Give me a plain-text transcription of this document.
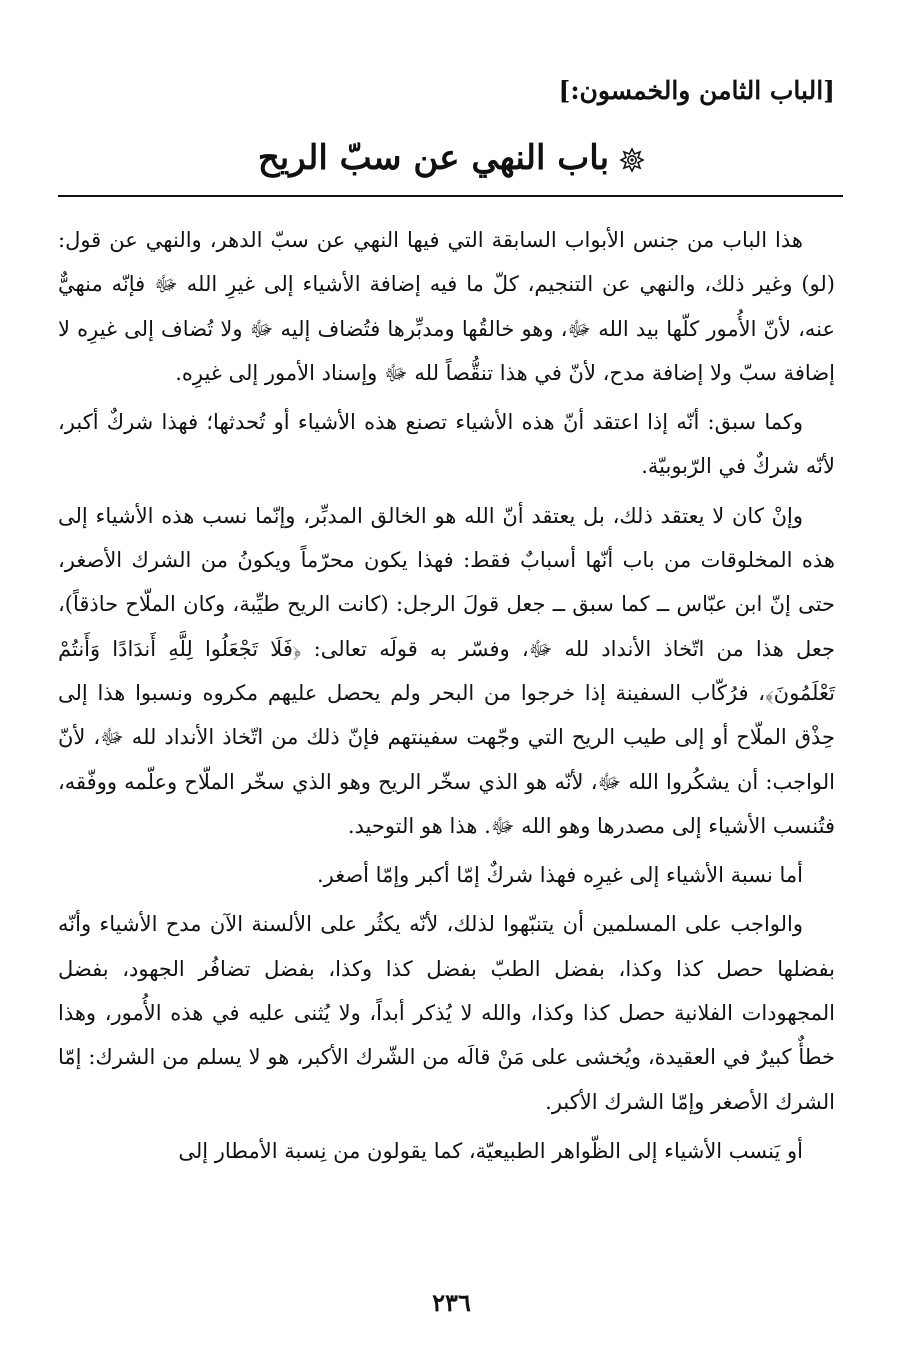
[الباب الثامن والخمسون:]
باب النهي عن سبّ الريح

هذا الباب من جنس الأبواب السابقة التي فيها النهي عن سبّ الدهر، والنهي عن قول: (لو) وغير ذلك، والنهي عن التنجيم، كلّ ما فيه إضافة الأشياء إلى غيرِ الله ﷻ فإنّه منهيٌّ عنه، لأنّ الأُمور كلّها بيد الله ﷻ، وهو خالقُها ومدبِّرها فتُضاف إليه ﷻ ولا تُضاف إلى غيرِه لا إضافة سبّ ولا إضافة مدح، لأنّ في هذا تنقُّصاً لله ﷻ وإسناد الأمور إلى غيرِه.

وكما سبق: أنّه إذا اعتقد أنّ هذه الأشياء تصنع هذه الأشياء أو تُحدثها؛ فهذا شركٌ أكبر، لأنّه شركٌ في الرّبوبيّة.

وإنْ كان لا يعتقد ذلك، بل يعتقد أنّ الله هو الخالق المدبِّر، وإنّما نسب هذه الأشياء إلى هذه المخلوقات من باب أنّها أسبابٌ فقط: فهذا يكون محرّماً ويكونُ من الشرك الأصغر، حتى إنّ ابن عبّاس ــ كما سبق ــ جعل قولَ الرجل: (كانت الريح طيِّبة، وكان الملّاح حاذقاً)، جعل هذا من اتّخاذ الأنداد لله ﷻ، وفسّر به قولَه تعالى: ﴿فَلَا تَجْعَلُوا لِلَّهِ أَندَادًا وَأَنتُمْ تَعْلَمُونَ﴾، فرُكّاب السفينة إذا خرجوا من البحر ولم يحصل عليهم مكروه ونسبوا هذا إلى حِذْق الملّاح أو إلى طيب الريح التي وجّهت سفينتهم فإنّ ذلك من اتّخاذ الأنداد لله ﷻ، لأنّ الواجب: أن يشكُروا الله ﷻ، لأنّه هو الذي سخّر الريح وهو الذي سخّر الملّاح وعلّمه ووفّقه، فتُنسب الأشياء إلى مصدرها وهو الله ﷻ. هذا هو التوحيد.

أما نسبة الأشياء إلى غيرِه فهذا شركٌ إمّا أكبر وإمّا أصغر.

والواجب على المسلمين أن يتنبّهوا لذلك، لأنّه يكثُر على الألسنة الآن مدح الأشياء وأنّه بفضلها حصل كذا وكذا، بفضل الطبّ بفضل كذا وكذا، بفضل تضافُر الجهود، بفضل المجهودات الفلانية حصل كذا وكذا، والله لا يُذكر أبداً، ولا يُثنى عليه في هذه الأُمور، وهذا خطأٌ كبيرٌ في العقيدة، ويُخشى على مَنْ قالَه من الشّرك الأكبر، هو لا يسلم من الشرك: إمّا الشرك الأصغر وإمّا الشرك الأكبر.

أو يَنسب الأشياء إلى الظّواهر الطبيعيّة، كما يقولون من نِسبة الأمطار إلى

٢٣٦
